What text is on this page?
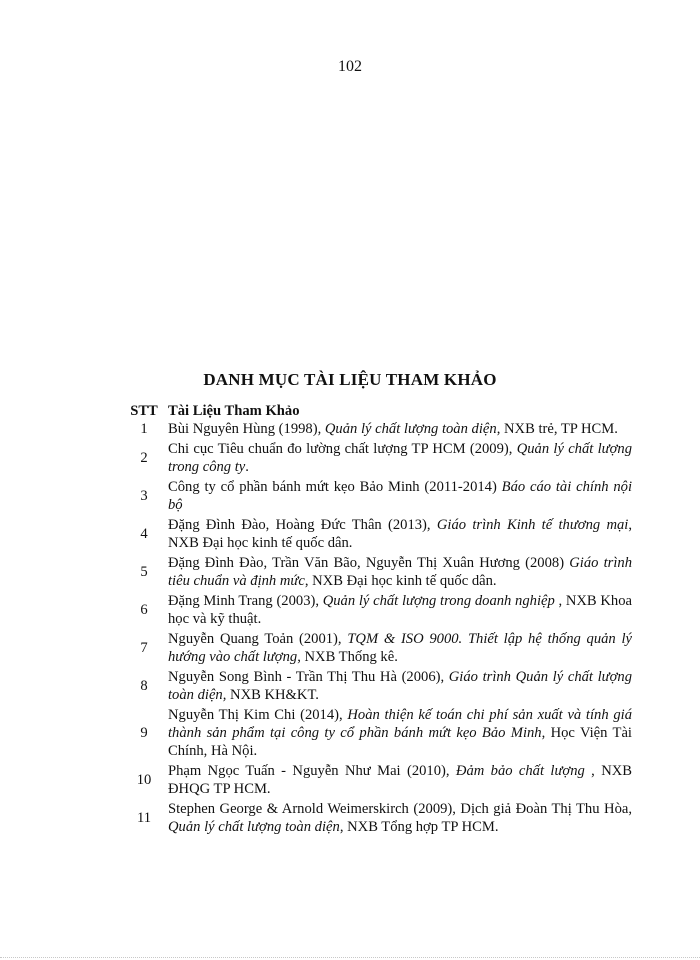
102
DANH MỤC TÀI LIỆU THAM KHẢO
STT	Tài Liệu Tham Khảo
1	Bùi Nguyên Hùng (1998), Quản lý chất lượng toàn diện, NXB trẻ, TP HCM.
2	Chi cục Tiêu chuẩn đo lường chất lượng TP HCM (2009), Quản lý chất lượng trong công ty.
3	Công ty cổ phần bánh mứt kẹo Bảo Minh (2011-2014) Báo cáo tài chính nội bộ
4	Đặng Đình Đào, Hoàng Đức Thân (2013), Giáo trình Kinh tế thương mại, NXB Đại học kinh tế quốc dân.
5	Đặng Đình Đào, Trần Văn Bão, Nguyễn Thị Xuân Hương (2008) Giáo trình tiêu chuẩn và định mức, NXB Đại học kinh tế quốc dân.
6	Đặng Minh Trang (2003), Quản lý chất lượng trong doanh nghiệp , NXB Khoa học và kỹ thuật.
7	Nguyễn Quang Toản (2001), TQM & ISO 9000. Thiết lập hệ thống quản lý hướng vào chất lượng, NXB Thống kê.
8	Nguyễn Song Bình - Trần Thị Thu Hà (2006), Giáo trình Quản lý chất lượng toàn diện, NXB KH&KT.
9	Nguyễn Thị Kim Chi (2014), Hoàn thiện kế toán chi phí sản xuất và tính giá thành sản phẩm tại công ty cổ phần bánh mứt kẹo Bảo Minh, Học Viện Tài Chính, Hà Nội.
10	Phạm Ngọc Tuấn - Nguyễn Như Mai (2010), Đảm bảo chất lượng , NXB ĐHQG TP HCM.
11	Stephen George & Arnold Weimerskirch (2009), Dịch giả Đoàn Thị Thu Hòa, Quản lý chất lượng toàn diện, NXB Tổng hợp TP HCM.
